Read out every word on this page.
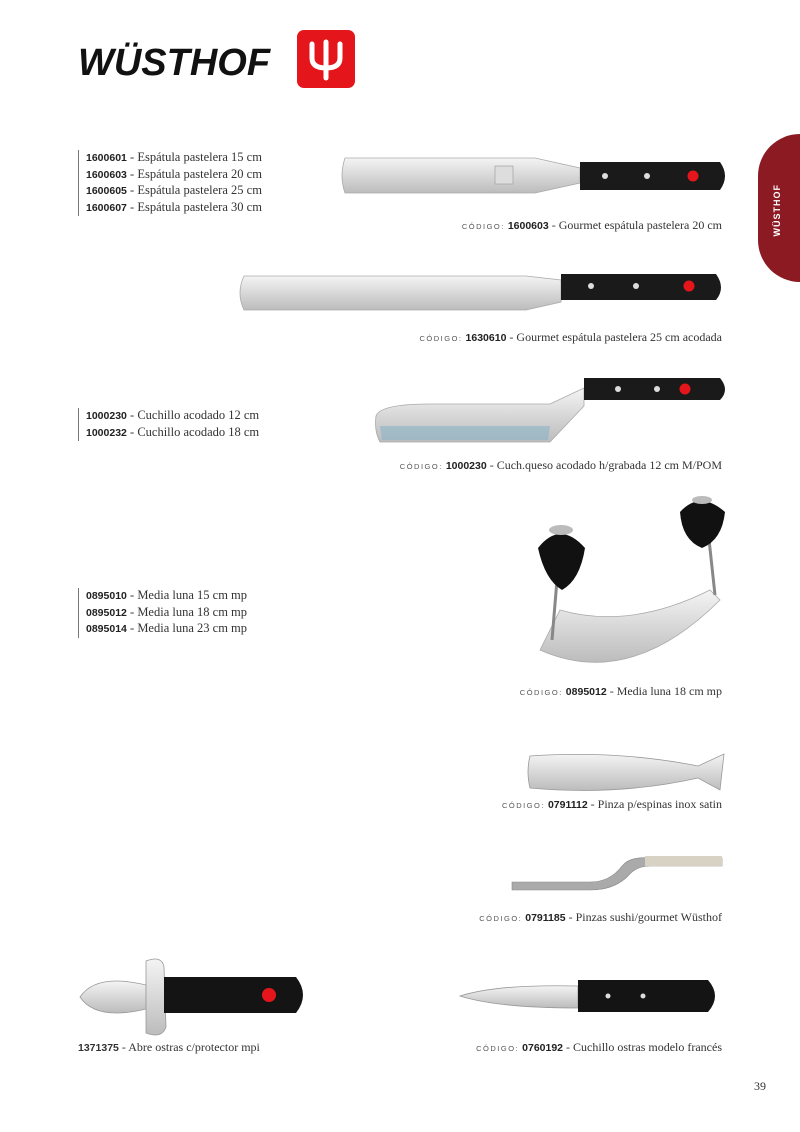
WÜSTHOF
WÜSTHOF
1600601 - Espátula pastelera 15 cm
1600603 - Espátula pastelera 20 cm
1600605 - Espátula pastelera 25 cm
1600607 - Espátula pastelera 30 cm
CÓDIGO: 1600603 - Gourmet espátula pastelera 20 cm
CÓDIGO: 1630610 - Gourmet espátula pastelera 25 cm acodada
1000230 - Cuchillo acodado 12 cm
1000232 - Cuchillo acodado 18 cm
CÓDIGO: 1000230 - Cuch.queso acodado h/grabada 12 cm M/POM
0895010 - Media luna 15 cm mp
0895012 - Media luna 18 cm mp
0895014 - Media luna 23 cm mp
CÓDIGO: 0895012 - Media luna 18 cm mp
CÓDIGO: 0791112 - Pinza p/espinas inox satin
CÓDIGO: 0791185 - Pinzas sushi/gourmet Wüsthof
1371375 - Abre ostras c/protector mpi	CÓDIGO: 0760192 - Cuchillo ostras modelo francés
39
